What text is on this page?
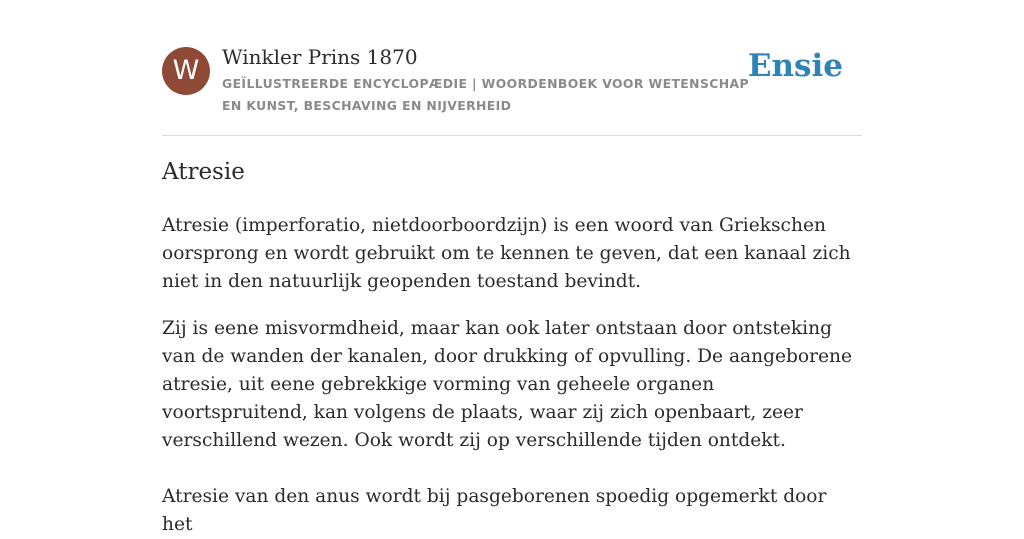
W	Winkler Prins 1870
GEÏLLUSTREERDE ENCYCLOPÆDIE | WOORDENBOEK VOOR WETENSCHAP EN KUNST, BESCHAVING EN NIJVERHEID
Ensie
Atresie

Atresie (imperforatio, nietdoorboordzijn) is een woord van Griekschen oorsprong en wordt gebruikt om te kennen te geven, dat een kanaal zich niet in den natuurlijk geopenden toestand bevindt.

Zij is eene misvormdheid, maar kan ook later ontstaan door ontsteking van de wanden der kanalen, door drukking of opvulling. De aangeborene atresie, uit eene gebrekkige vorming van geheele organen voortspruitend, kan volgens de plaats, waar zij zich openbaart, zeer verschillend wezen. Ook wordt zij op verschillende tijden ontdekt.

Atresie van den anus wordt bij pasgeborenen spoedig opgemerkt door het
